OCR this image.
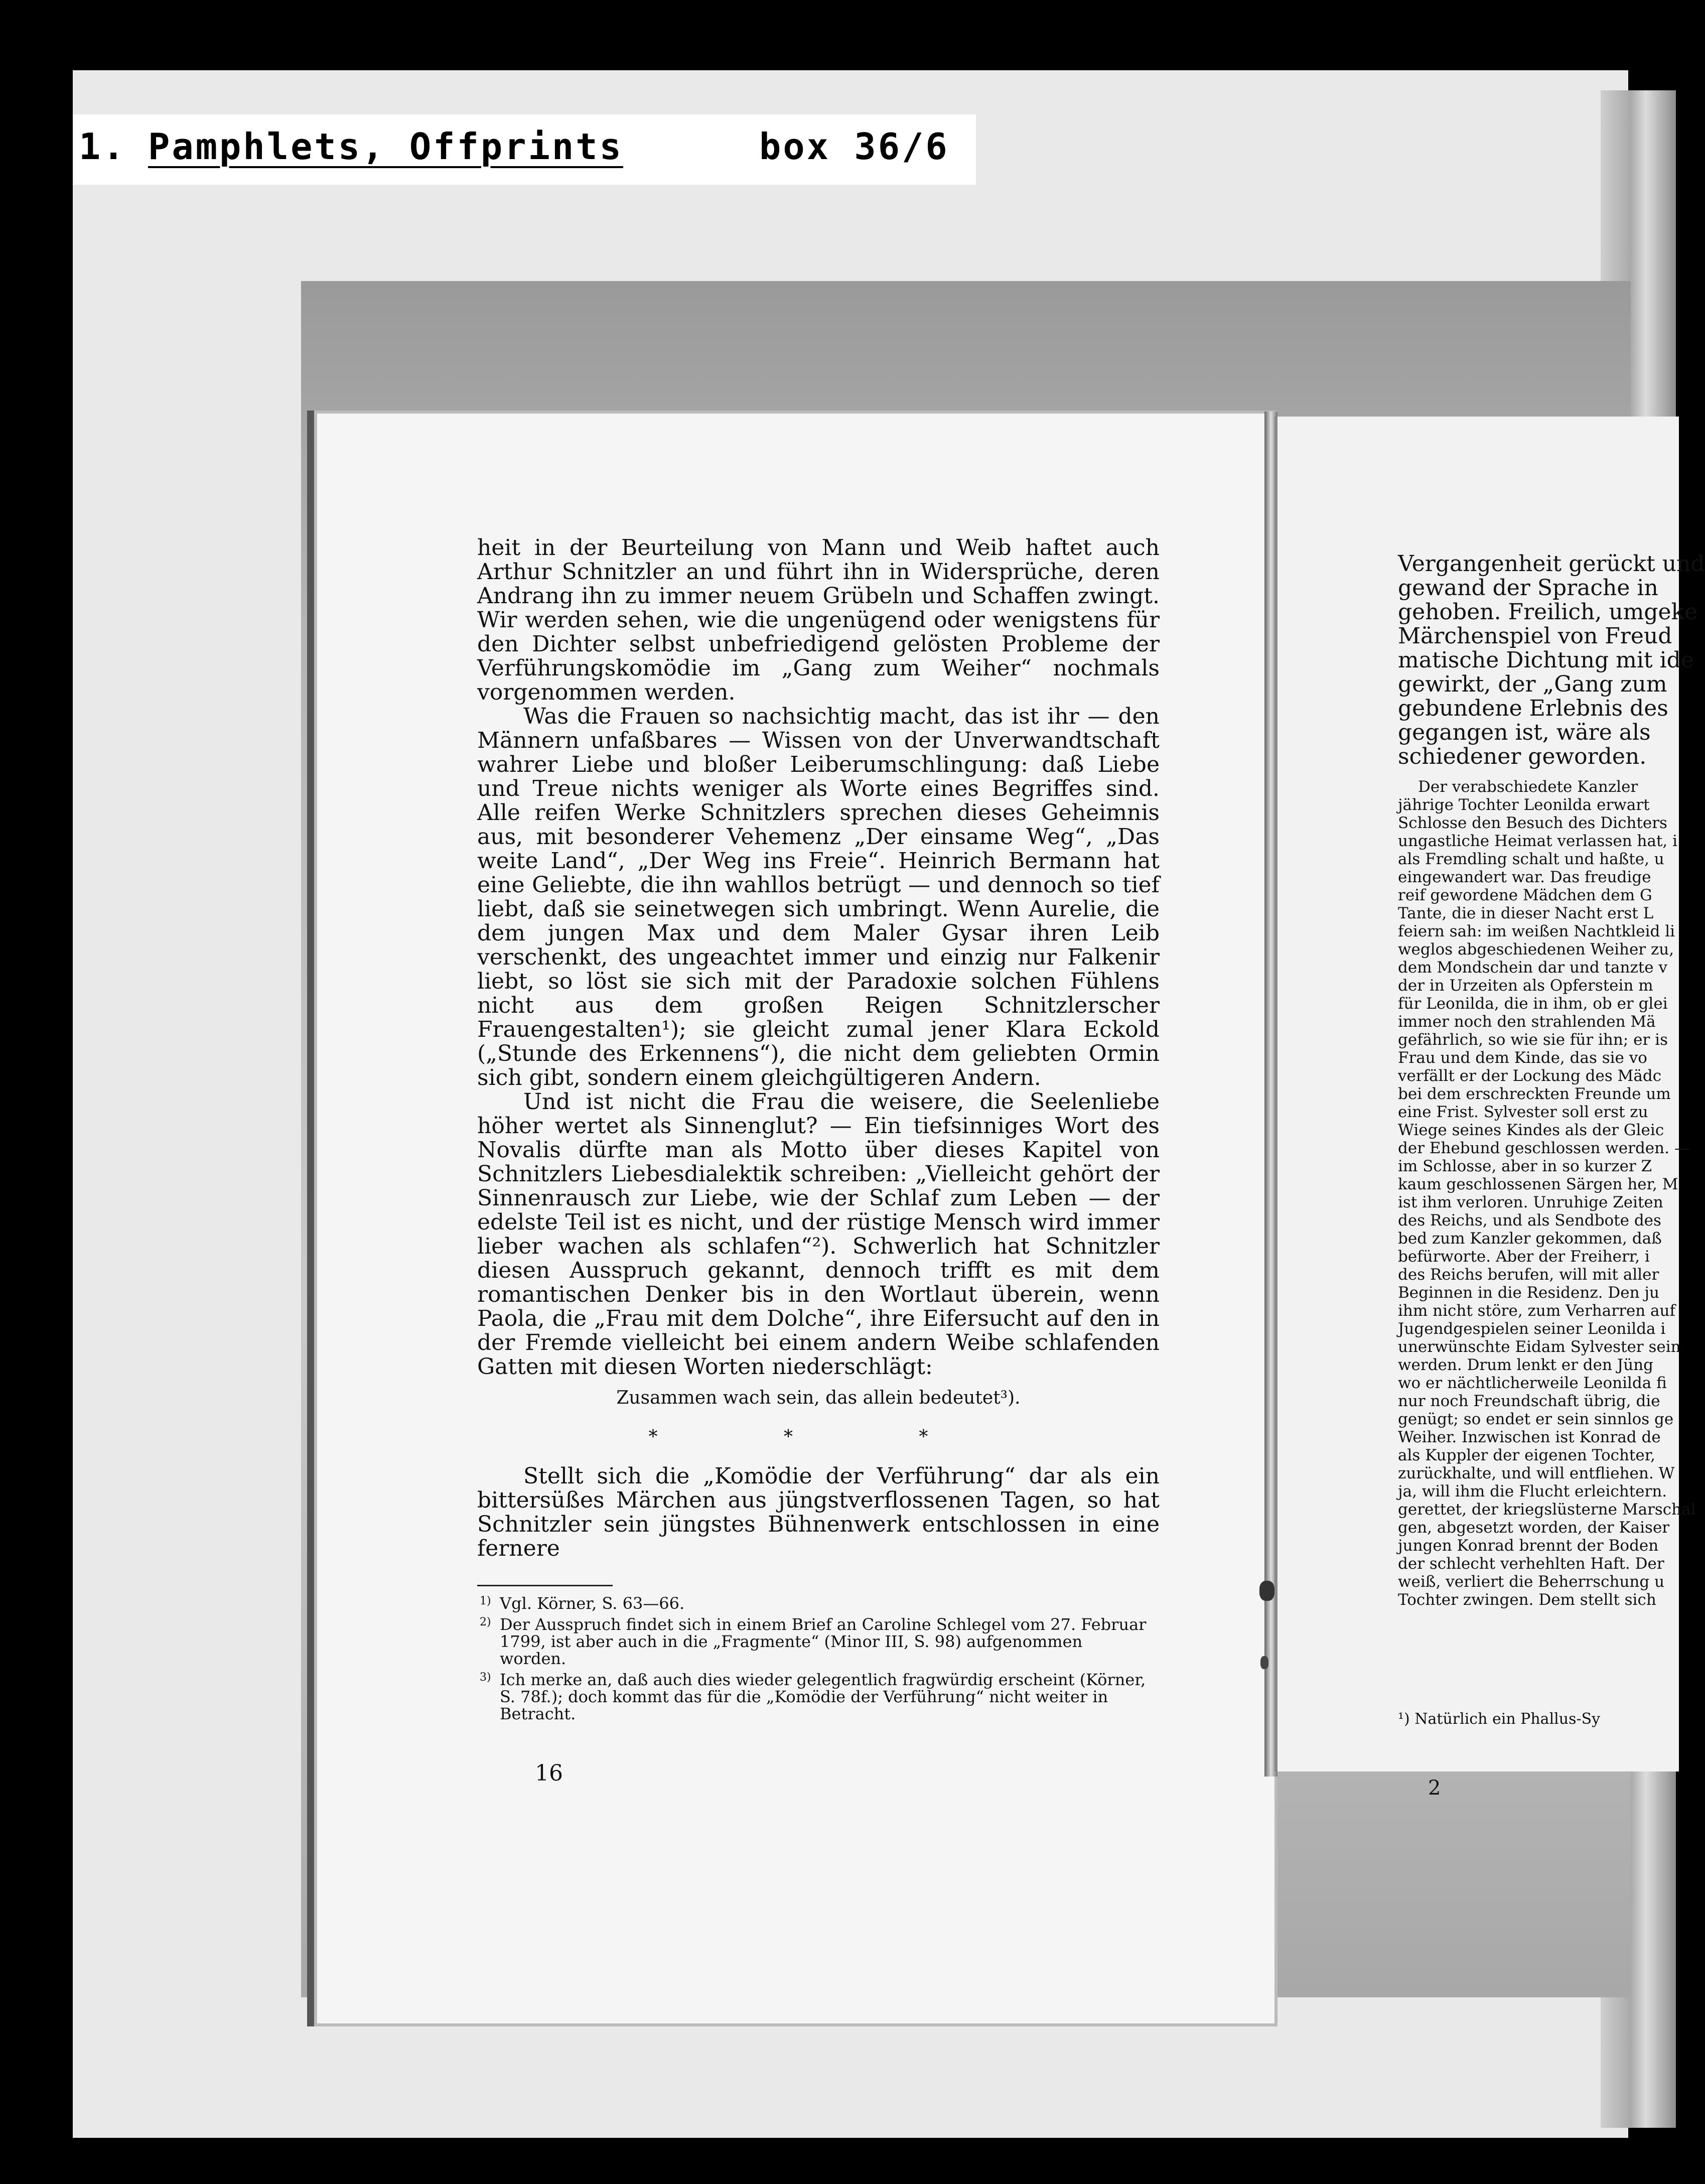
1. Pamphlets, Offprints	box 36/6

heit in der Beurteilung von Mann und Weib haftet auch Arthur Schnitzler an und führt ihn in Widersprüche, deren Andrang ihn zu immer neuem Grübeln und Schaffen zwingt. Wir werden sehen, wie die ungenügend oder wenigstens für den Dichter selbst unbefriedigend gelösten Probleme der Verführungskomödie im „Gang zum Weiher“ nochmals vorgenommen werden.

Was die Frauen so nachsichtig macht, das ist ihr — den Männern unfaßbares — Wissen von der Unverwandtschaft wahrer Liebe und bloßer Leiberumschlingung: daß Liebe und Treue nichts weniger als Worte eines Begriffes sind. Alle reifen Werke Schnitzlers sprechen dieses Geheimnis aus, mit besonderer Vehemenz „Der einsame Weg“, „Das weite Land“, „Der Weg ins Freie“. Heinrich Bermann hat eine Geliebte, die ihn wahllos betrügt — und dennoch so tief liebt, daß sie seinetwegen sich umbringt. Wenn Aurelie, die dem jungen Max und dem Maler Gysar ihren Leib verschenkt, des ungeachtet immer und einzig nur Falkenir liebt, so löst sie sich mit der Paradoxie solchen Fühlens nicht aus dem großen Reigen Schnitzlerscher Frauengestalten¹); sie gleicht zumal jener Klara Eckold („Stunde des Erkennens“), die nicht dem geliebten Ormin sich gibt, sondern einem gleichgültigeren Andern.

Und ist nicht die Frau die weisere, die Seelenliebe höher wertet als Sinnenglut? — Ein tiefsinniges Wort des Novalis dürfte man als Motto über dieses Kapitel von Schnitzlers Liebesdialektik schreiben: „Vielleicht gehört der Sinnenrausch zur Liebe, wie der Schlaf zum Leben — der edelste Teil ist es nicht, und der rüstige Mensch wird immer lieber wachen als schlafen“²). Schwerlich hat Schnitzler diesen Ausspruch gekannt, dennoch trifft es mit dem romantischen Denker bis in den Wortlaut überein, wenn Paola, die „Frau mit dem Dolche“, ihre Eifersucht auf den in der Fremde vielleicht bei einem andern Weibe schlafenden Gatten mit diesen Worten niederschlägt:

Zusammen wach sein, das allein bedeutet³).

* * *

Stellt sich die „Komödie der Verführung“ dar als ein bittersüßes Märchen aus jüngstverflossenen Tagen, so hat Schnitzler sein jüngstes Bühnenwerk entschlossen in eine fernere

1) Vgl. Körner, S. 63—66.
2) Der Ausspruch findet sich in einem Brief an Caroline Schlegel vom 27. Februar 1799, ist aber auch in die „Fragmente“ (Minor III, S. 98) aufgenommen worden.
3) Ich merke an, daß auch dies wieder gelegentlich fragwürdig erscheint (Körner, S. 78f.); doch kommt das für die „Komödie der Verführung“ nicht weiter in Betracht.
16

Vergangenheit gerückt und

gewand der Sprache in

gehoben. Freilich, umgeke

Märchenspiel von Freud

matische Dichtung mit ide

gewirkt, der „Gang zum

gebundene Erlebnis des

gegangen ist, wäre als

schiedener geworden.

Der verabschiedete Kanzler

jährige Tochter Leonilda erwart

Schlosse den Besuch des Dichters

ungastliche Heimat verlassen hat, i

als Fremdling schalt und haßte, u

eingewandert war. Das freudige

reif gewordene Mädchen dem G

Tante, die in dieser Nacht erst L

feiern sah: im weißen Nachtkleid li

weglos abgeschiedenen Weiher zu,

dem Mondschein dar und tanzte v

der in Urzeiten als Opferstein m

für Leonilda, die in ihm, ob er glei

immer noch den strahlenden Mä

gefährlich, so wie sie für ihn; er is

Frau und dem Kinde, das sie vo

verfällt er der Lockung des Mädc

bei dem erschreckten Freunde um

eine Frist. Sylvester soll erst zu

Wiege seines Kindes als der Gleic

der Ehebund geschlossen werden. —

im Schlosse, aber in so kurzer Z

kaum geschlossenen Särgen her, M

ist ihm verloren. Unruhige Zeiten

des Reichs, und als Sendbote des

bed zum Kanzler gekommen, daß

befürworte. Aber der Freiherr, i

des Reichs berufen, will mit aller

Beginnen in die Residenz. Den ju

ihm nicht störe, zum Verharren auf

Jugendgespielen seiner Leonilda i

unerwünschte Eidam Sylvester sein

werden. Drum lenkt er den Jüng

wo er nächtlicherweile Leonilda fi

nur noch Freundschaft übrig, die

genügt; so endet er sein sinnlos ge

Weiher. Inzwischen ist Konrad de

als Kuppler der eigenen Tochter,

zurückhalte, und will entfliehen. W

ja, will ihm die Flucht erleichtern.

gerettet, der kriegslüsterne Marschal

gen, abgesetzt worden, der Kaiser

jungen Konrad brennt der Boden

der schlecht verhehlten Haft. Der

weiß, verliert die Beherrschung u

Tochter zwingen. Dem stellt sich

¹) Natürlich ein Phallus-Sy
2
